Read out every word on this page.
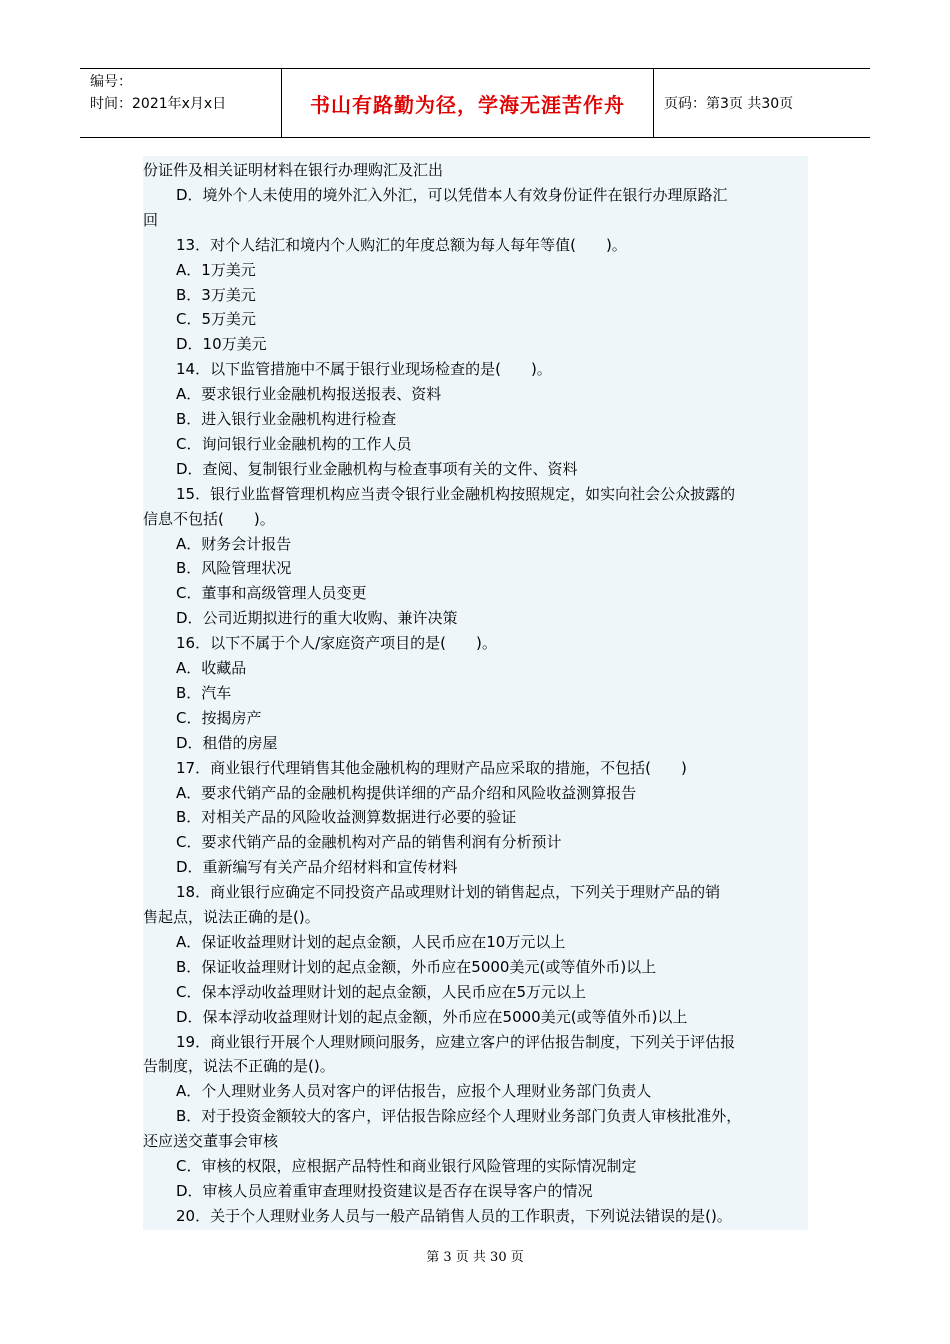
编号：
时间：2021年x月x日	书山有路勤为径，学海无涯苦作舟	页码：第3页 共30页
份证件及相关证明材料在银行办理购汇及汇出
D．境外个人未使用的境外汇入外汇，可以凭借本人有效身份证件在银行办理原路汇
回
13．对个人结汇和境内个人购汇的年度总额为每人每年等值(　　)。
A．1万美元
B．3万美元
C．5万美元
D．10万美元
14．以下监管措施中不属于银行业现场检查的是(　　)。
A．要求银行业金融机构报送报表、资料
B．进入银行业金融机构进行检查
C．询问银行业金融机构的工作人员
D．查阅、复制银行业金融机构与检查事项有关的文件、资料
15．银行业监督管理机构应当责令银行业金融机构按照规定，如实向社会公众披露的
信息不包括(　　)。
A．财务会计报告
B．风险管理状况
C．董事和高级管理人员变更
D．公司近期拟进行的重大收购、兼许决策
16．以下不属于个人/家庭资产项目的是(　　)。
A．收藏品
B．汽车
C．按揭房产
D．租借的房屋
17．商业银行代理销售其他金融机构的理财产品应采取的措施，不包括(　　)
A．要求代销产品的金融机构提供详细的产品介绍和风险收益测算报告
B．对相关产品的风险收益测算数据进行必要的验证
C．要求代销产品的金融机构对产品的销售利润有分析预计
D．重新编写有关产品介绍材料和宣传材料
18．商业银行应确定不同投资产品或理财计划的销售起点，下列关于理财产品的销
售起点，说法正确的是()。
A．保证收益理财计划的起点金额，人民币应在10万元以上
B．保证收益理财计划的起点金额，外币应在5000美元(或等值外币)以上
C．保本浮动收益理财计划的起点金额，人民币应在5万元以上
D．保本浮动收益理财计划的起点金额，外币应在5000美元(或等值外币)以上
19．商业银行开展个人理财顾问服务，应建立客户的评估报告制度，下列关于评估报
告制度，说法不正确的是()。
A．个人理财业务人员对客户的评估报告，应报个人理财业务部门负责人
B．对于投资金额较大的客户，评估报告除应经个人理财业务部门负责人审核批准外，
还应送交董事会审核
C．审核的权限，应根据产品特性和商业银行风险管理的实际情况制定
D．审核人员应着重审查理财投资建议是否存在误导客户的情况
20．关于个人理财业务人员与一般产品销售人员的工作职责，下列说法错误的是()。
第 3 页 共 30 页
